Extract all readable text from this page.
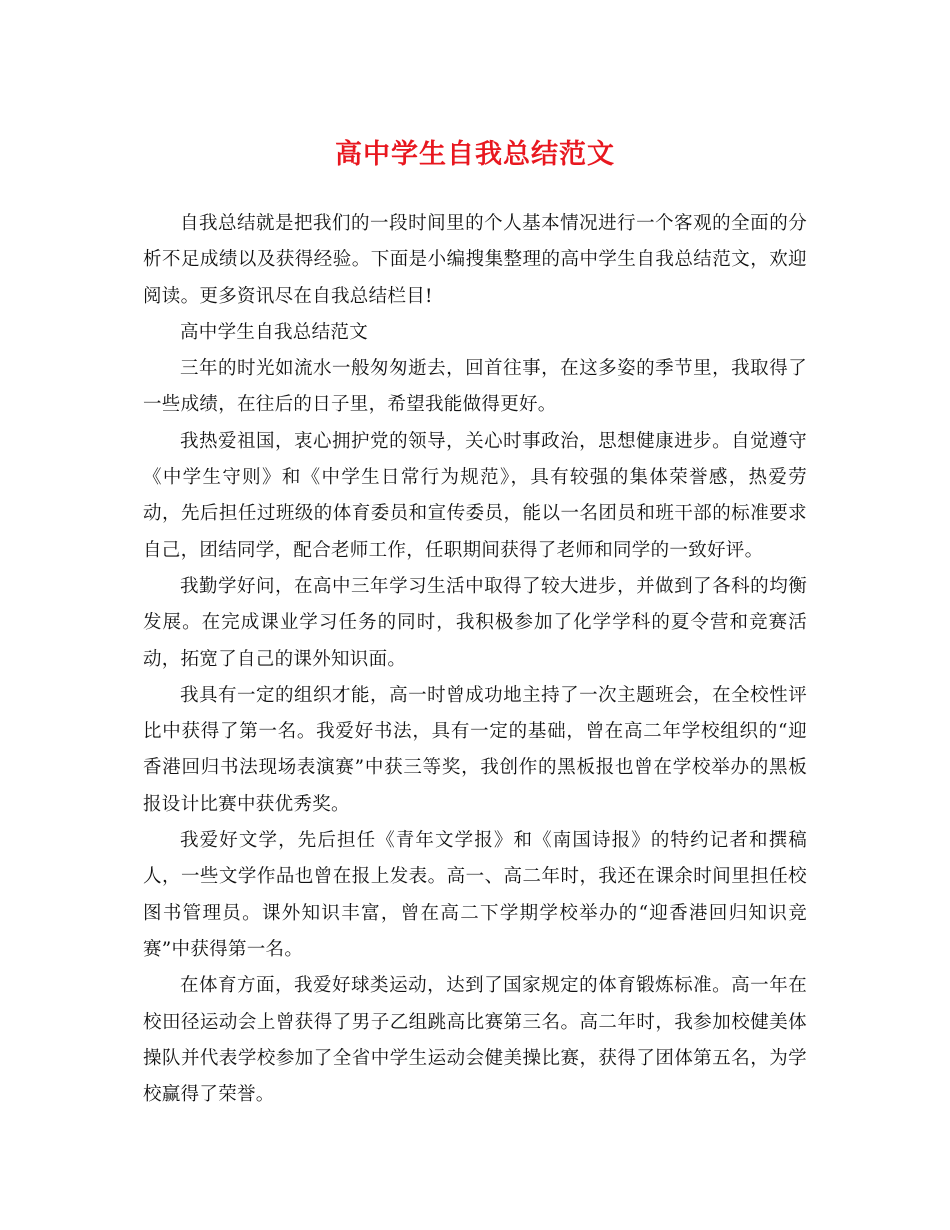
高中学生自我总结范文

自我总结就是把我们的一段时间里的个人基本情况进行一个客观的全面的分析不足成绩以及获得经验。下面是小编搜集整理的高中学生自我总结范文，欢迎阅读。更多资讯尽在自我总结栏目!

高中学生自我总结范文

三年的时光如流水一般匆匆逝去，回首往事，在这多姿的季节里，我取得了一些成绩，在往后的日子里，希望我能做得更好。

我热爱祖国，衷心拥护党的领导，关心时事政治，思想健康进步。自觉遵守《中学生守则》和《中学生日常行为规范》，具有较强的集体荣誉感，热爱劳动，先后担任过班级的体育委员和宣传委员，能以一名团员和班干部的标准要求自己，团结同学，配合老师工作，任职期间获得了老师和同学的一致好评。

我勤学好问，在高中三年学习生活中取得了较大进步，并做到了各科的均衡发展。在完成课业学习任务的同时，我积极参加了化学学科的夏令营和竞赛活动，拓宽了自己的课外知识面。

我具有一定的组织才能，高一时曾成功地主持了一次主题班会，在全校性评比中获得了第一名。我爱好书法，具有一定的基础，曾在高二年学校组织的“迎香港回归书法现场表演赛”中获三等奖，我创作的黑板报也曾在学校举办的黑板报设计比赛中获优秀奖。

我爱好文学，先后担任《青年文学报》和《南国诗报》的特约记者和撰稿人，一些文学作品也曾在报上发表。高一、高二年时，我还在课余时间里担任校图书管理员。课外知识丰富，曾在高二下学期学校举办的“迎香港回归知识竞赛”中获得第一名。

在体育方面，我爱好球类运动，达到了国家规定的体育锻炼标准。高一年在校田径运动会上曾获得了男子乙组跳高比赛第三名。高二年时，我参加校健美体操队并代表学校参加了全省中学生运动会健美操比赛，获得了团体第五名，为学校赢得了荣誉。
